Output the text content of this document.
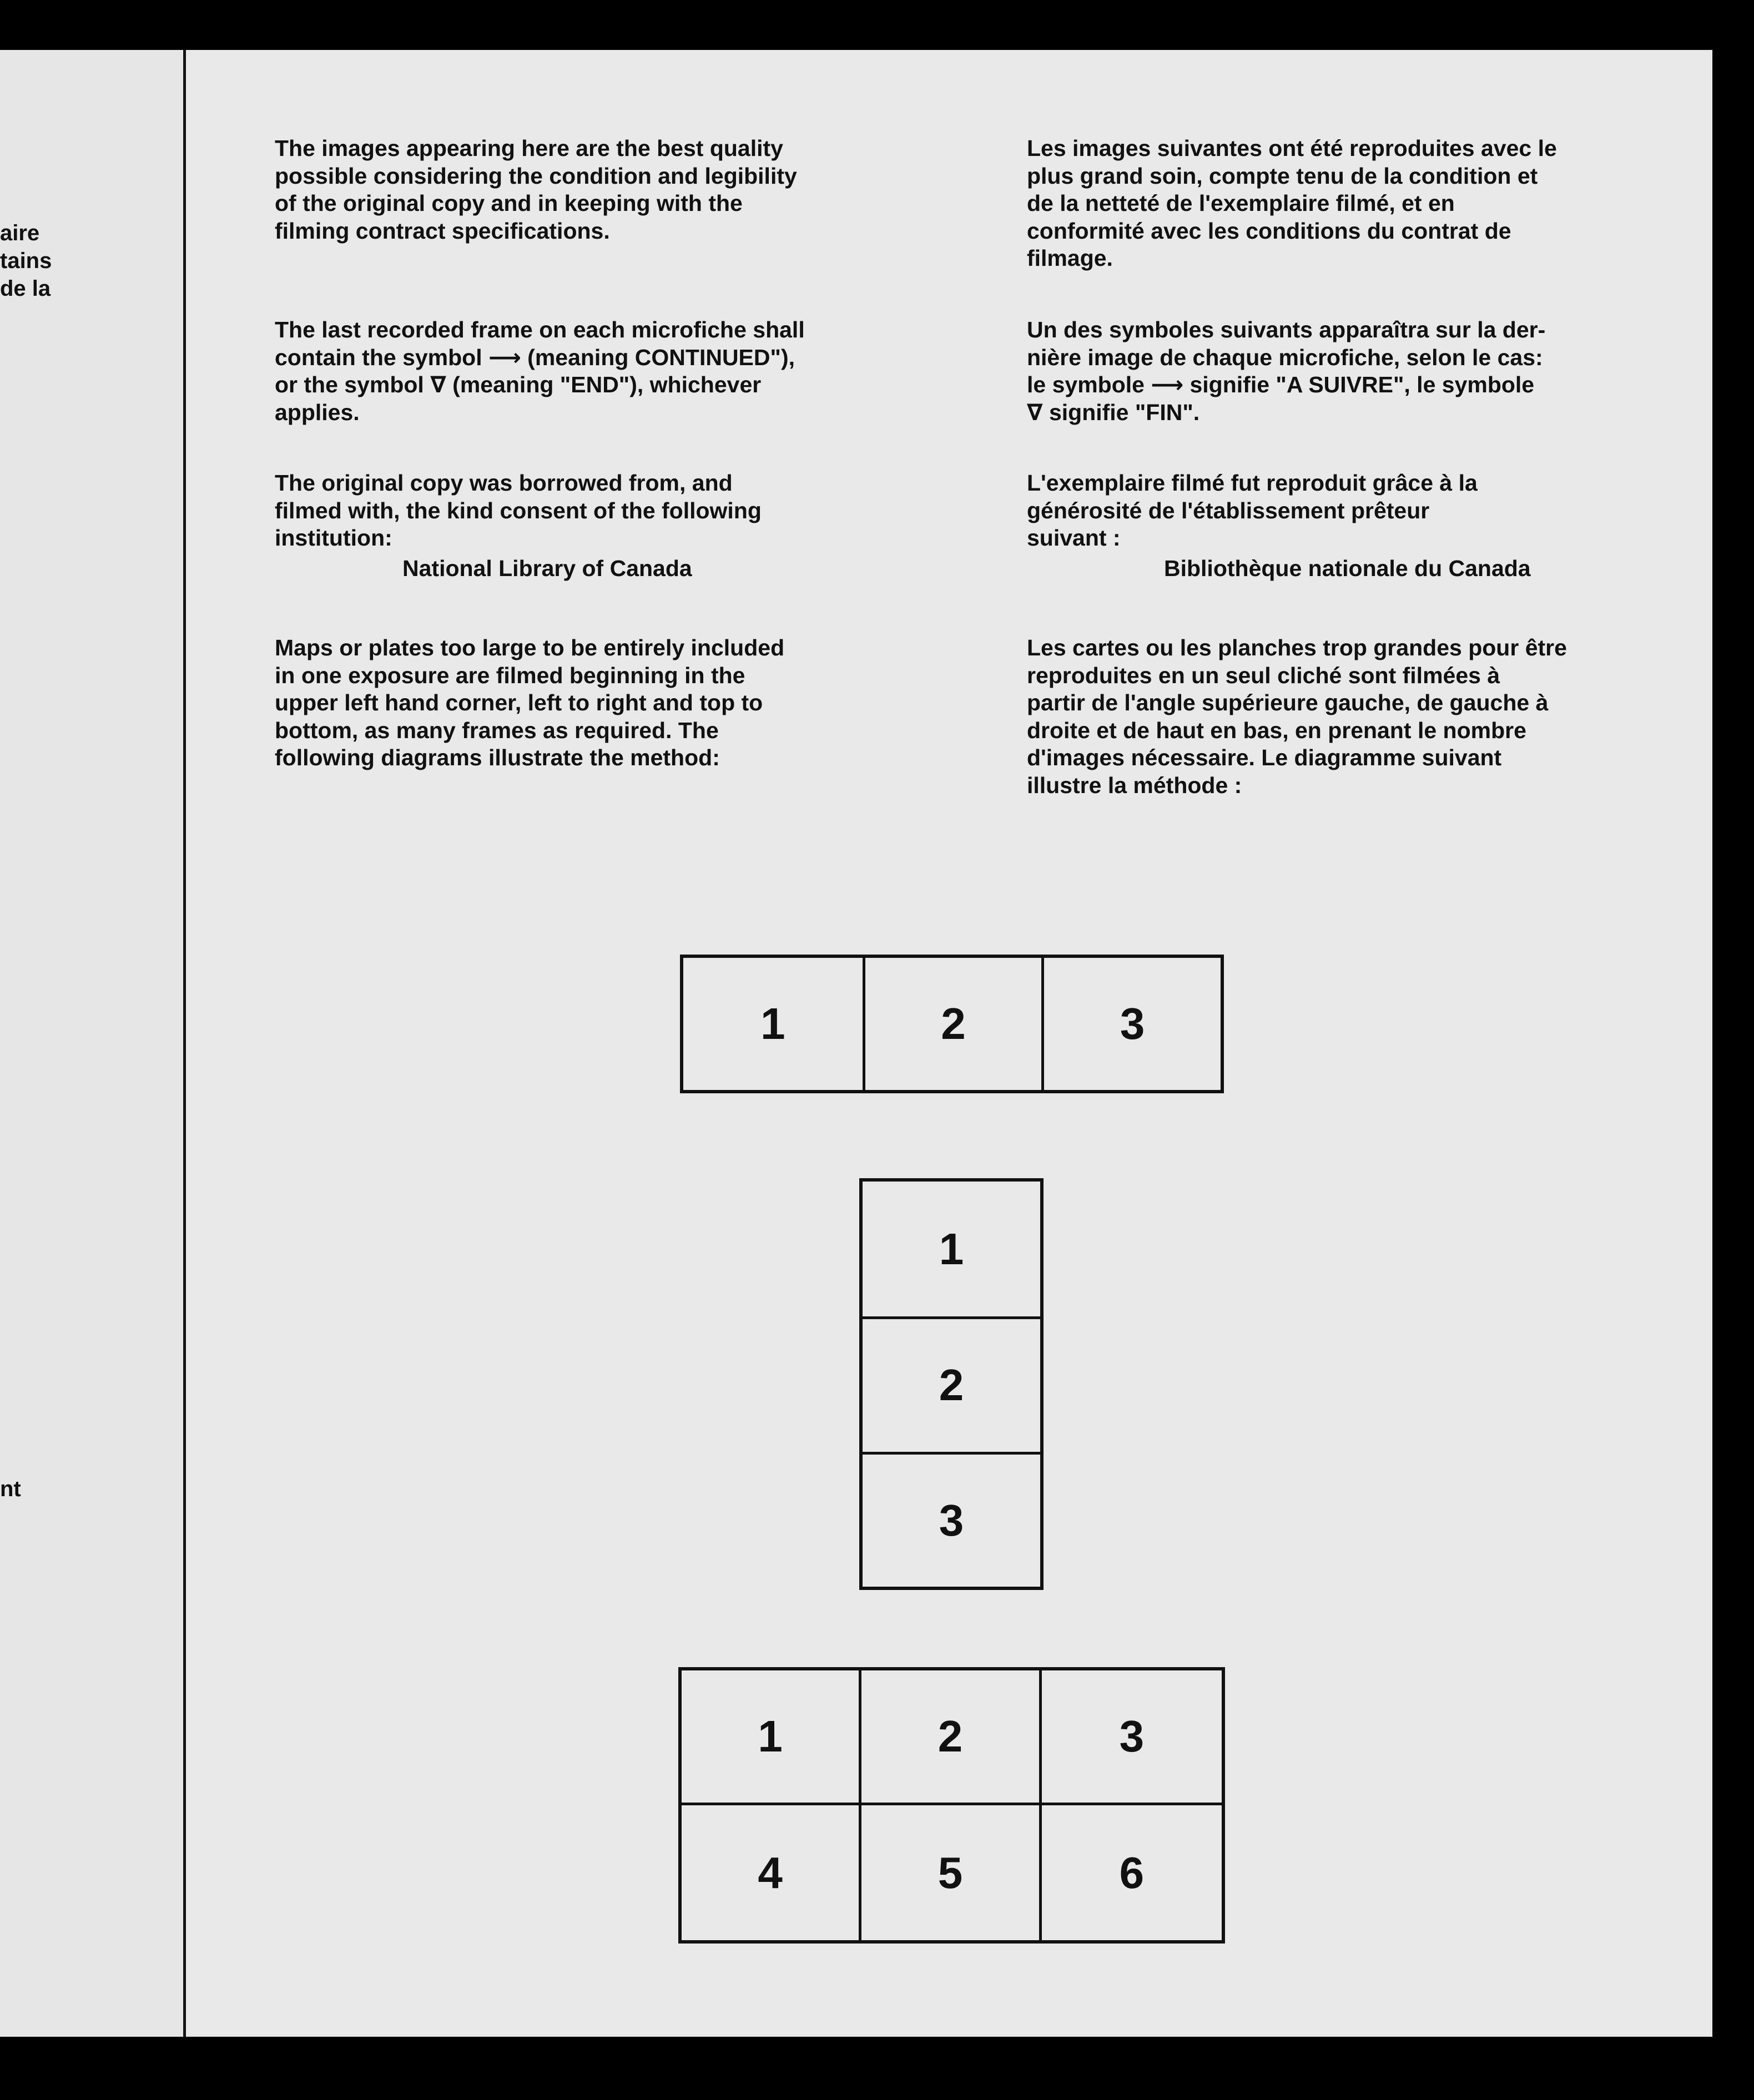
aire
tains
de la
nt
The images appearing here are the best quality
possible considering the condition and legibility
of the original copy and in keeping with the
filming contract specifications.
The last recorded frame on each microfiche shall
contain the symbol ⟶ (meaning CONTINUED"),
or the symbol ∇ (meaning "END"), whichever
applies.
The original copy was borrowed from, and
filmed with, the kind consent of the following
institution:
National Library of Canada
Maps or plates too large to be entirely included
in one exposure are filmed beginning in the
upper left hand corner, left to right and top to
bottom, as many frames as required. The
following diagrams illustrate the method:
Les images suivantes ont été reproduites avec le
plus grand soin, compte tenu de la condition et
de la netteté de l'exemplaire filmé, et en
conformité avec les conditions du contrat de
filmage.
Un des symboles suivants apparaîtra sur la der-
nière image de chaque microfiche, selon le cas:
le symbole ⟶ signifie "A SUIVRE", le symbole
∇ signifie "FIN".
L'exemplaire filmé fut reproduit grâce à la
générosité de l'établissement prêteur
suivant :
Bibliothèque nationale du Canada
Les cartes ou les planches trop grandes pour être
reproduites en un seul cliché sont filmées à
partir de l'angle supérieure gauche, de gauche à
droite et de haut en bas, en prenant le nombre
d'images nécessaire. Le diagramme suivant
illustre la méthode :
1	2	3
1
2
3
1	2	3
4	5	6
